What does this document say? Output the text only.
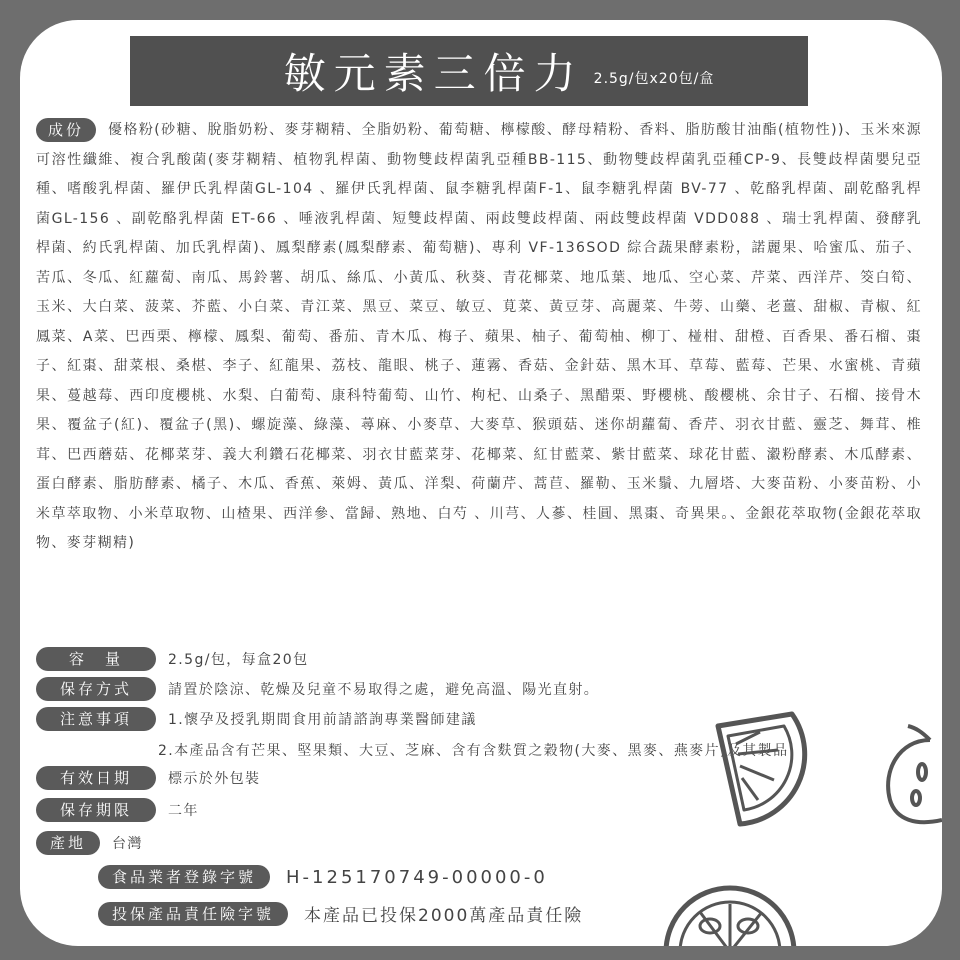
敏元素三倍力 2.5g/包x20包/盒
成份 優格粉(砂糖、脫脂奶粉、麥芽糊精、全脂奶粉、葡萄糖、檸檬酸、酵母精粉、香料、脂肪酸甘油酯(植物性))、玉米來源可溶性纖維、複合乳酸菌(麥芽糊精、植物乳桿菌、動物雙歧桿菌乳亞種BB-115、動物雙歧桿菌乳亞種CP-9、長雙歧桿菌嬰兒亞種、嗜酸乳桿菌、羅伊氏乳桿菌GL-104 、羅伊氏乳桿菌、鼠李糖乳桿菌F-1、鼠李糖乳桿菌 BV-77 、乾酪乳桿菌、副乾酪乳桿菌GL-156 、副乾酪乳桿菌 ET-66 、唾液乳桿菌、短雙歧桿菌、兩歧雙歧桿菌、兩歧雙歧桿菌 VDD088 、瑞士乳桿菌、發酵乳桿菌、約氏乳桿菌、加氏乳桿菌)、鳳梨酵素(鳳梨酵素、葡萄糖)、專利 VF-136SOD 綜合蔬果酵素粉，諾麗果、哈蜜瓜、茄子、苦瓜、冬瓜、紅蘿蔔、南瓜、馬鈴薯、胡瓜、絲瓜、小黃瓜、秋葵、青花椰菜、地瓜葉、地瓜、空心菜、芹菜、西洋芹、筊白筍、玉米、大白菜、菠菜、芥藍、小白菜、青江菜、黑豆、菜豆、敏豆、莧菜、黃豆芽、高麗菜、牛蒡、山藥、老薑、甜椒、青椒、紅鳳菜、A菜、巴西栗、檸檬、鳳梨、葡萄、番茄、青木瓜、梅子、蘋果、柚子、葡萄柚、柳丁、椪柑、甜橙、百香果、番石榴、棗子、紅棗、甜菜根、桑椹、李子、紅龍果、荔枝、龍眼、桃子、蓮霧、香菇、金針菇、黑木耳、草莓、藍莓、芒果、水蜜桃、青蘋果、蔓越莓、西印度櫻桃、水梨、白葡萄、康科特葡萄、山竹、枸杞、山桑子、黑醋栗、野櫻桃、酸櫻桃、余甘子、石榴、接骨木果、覆盆子(紅)、覆盆子(黑)、螺旋藻、綠藻、蕁麻、小麥草、大麥草、猴頭菇、迷你胡蘿蔔、香芹、羽衣甘藍、靈芝、舞茸、椎茸、巴西蘑菇、花椰菜芽、義大利鑽石花椰菜、羽衣甘藍菜芽、花椰菜、紅甘藍菜、紫甘藍菜、球花甘藍、瀫粉酵素、木瓜酵素、蛋白酵素、脂肪酵素、橘子、木瓜、香蕉、萊姆、黃瓜、洋梨、荷蘭芹、蒿苣、羅勒、玉米鬚、九層塔、大麥苗粉、小麥苗粉、小米草萃取物、小米草取物、山楂果、西洋參、當歸、熟地、白芍 、川芎、人蔘、桂圓、黑棗、奇異果。、金銀花萃取物(金銀花萃取物、麥芽糊精)
容　量	2.5g/包，每盒20包
保存方式	請置於陰涼、乾燥及兒童不易取得之處，避免高溫、陽光直射。
注意事項	1.懷孕及授乳期間食用前請諮詢專業醫師建議
2.本產品含有芒果、堅果類、大豆、芝麻、含有含麩質之穀物(大麥、黑麥、燕麥片)及其製品
有效日期	標示於外包裝
保存期限	二年
產地	台灣
食品業者登錄字號	H-125170749-00000-0
投保產品責任險字號	本產品已投保2000萬產品責任險
